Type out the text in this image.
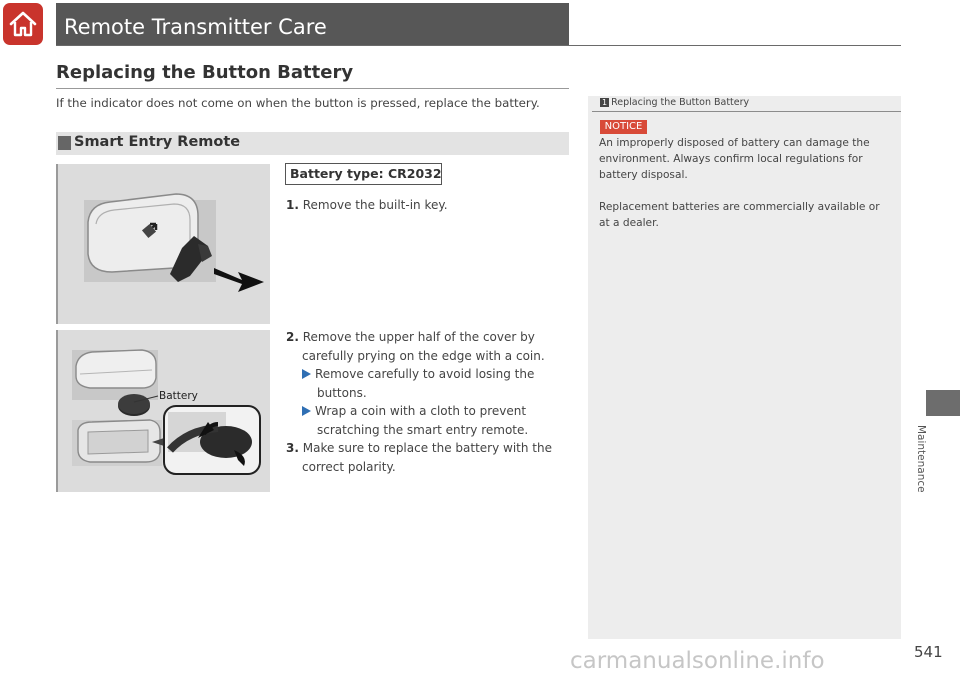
Remote Transmitter Care
Replacing the Button Battery
If the indicator does not come on when the button is pressed, replace the battery.
Smart Entry Remote
Battery
Battery type: CR2032
1. Remove the built-in key.
2. Remove the upper half of the cover by
carefully prying on the edge with a coin.
Remove carefully to avoid losing the
buttons.
Wrap a coin with a cloth to prevent
scratching the smart entry remote.
3. Make sure to replace the battery with the
correct polarity.
1 Replacing the Button Battery
NOTICE
An improperly disposed of battery can damage the
environment. Always confirm local regulations for
battery disposal.
Replacement batteries are commercially available or
at a dealer.
Maintenance
carmanualsonline.info	541
